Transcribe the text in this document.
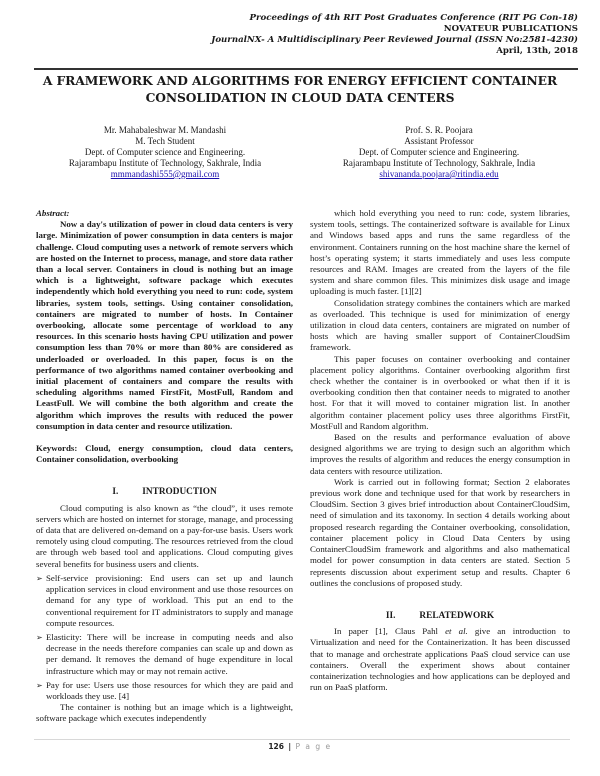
Proceedings of 4th RIT Post Graduates Conference (RIT PG Con-18)
NOVATEUR PUBLICATIONS
JournalNX- A Multidisciplinary Peer Reviewed Journal (ISSN No:2581-4230)
April, 13th, 2018
A FRAMEWORK AND ALGORITHMS FOR ENERGY EFFICIENT CONTAINER
CONSOLIDATION IN CLOUD DATA CENTERS
Mr. Mahabaleshwar M. Mandashi
M. Tech Student
Dept. of Computer science and Engineering.
Rajarambapu Institute of Technology, Sakhrale, India
mmmandashi555@gmail.com
Prof. S. R. Poojara
Assistant Professor
Dept. of Computer science and Engineering.
Rajarambapu Institute of Technology, Sakhrale, India
shivananda.poojara@ritindia.edu

Abstract:

Now a day's utilization of power in cloud data centers is very large. Minimization of power consumption in data centers is major challenge. Cloud computing uses a network of remote servers which are hosted on the Internet to process, manage, and store data rather than a local server. Containers in cloud is nothing but an image which is a lightweight, software package which executes independently which hold everything you need to run: code, system libraries, system tools, settings. Using container consolidation, containers are migrated to number of hosts. In Container overbooking, allocate some percentage of workload to any resources. In this scenario hosts having CPU utilization and power consumption less than 70% or more than 80% are considered as underloaded or overloaded. In this paper, focus is on the performance of two algorithms named container overbooking and initial placement of containers and compare the results with scheduling algorithms named FirstFit, MostFull, Random and LeastFull. We will combine the both algorithm and create the algorithm which improves the results with reduced the power consumption in data center and resource utilization.

Keywords: Cloud, energy consumption, cloud data centers, Container consolidation, overbooking

I.	INTRODUCTION

Cloud computing is also known as “the cloud”, it uses remote servers which are hosted on internet for storage, manage, and processing of data that are delivered on-demand on a pay-for-use basis. Users work remotely using cloud computing. The resources retrieved from the cloud are through web based tool and applications. Cloud computing gives several benefits for business users and clients.

➢ Self-service provisioning: End users can set up and launch application services in cloud environment and use those resources on demand for any type of workload. This put an end to the conventional requirement for IT administrators to supply and manage compute resources.

➢ Elasticity: There will be increase in computing needs and also decrease in the needs therefore companies can scale up and down as per demand. It removes the demand of huge expenditure in local infrastructure which may or may not remain active.

➢ Pay for use: Users use those resources for which they are paid and workloads they use. [4]

The container is nothing but an image which is a lightweight, software package which executes independently

which hold everything you need to run: code, system libraries, system tools, settings. The containerized software is available for Linux and Windows based apps and runs the same regardless of the environment. Containers running on the host machine share the kernel of host’s operating system; it starts immediately and uses less compute resources and RAM. Images are created from the layers of the file system and share common files. This minimizes disk usage and image uploading is much faster. [1][2]

Consolidation strategy combines the containers which are marked as overloaded. This technique is used for minimization of energy utilization in cloud data centers, containers are migrated on number of hosts which are having smaller support of ContainerCloudSim framework.

This paper focuses on container overbooking and container placement policy algorithms. Container overbooking algorithm first check whether the container is in overbooked or what then if it is overbooking condition then that container needs to migrated to another host. For that it will moved to container migration list. In another algorithm container placement policy uses three algorithms FirstFit, MostFull and Random algorithm.

Based on the results and performance evaluation of above designed algorithms we are trying to design such an algorithm which improves the results of algorithm and reduces the energy consumption in data centers with resource utilization.

Work is carried out in following format; Section 2 elaborates previous work done and technique used for that work by researchers in CloudSim. Section 3 gives brief introduction about ContainerCloudSim, need of simulation and its taxonomy. In section 4 details working about proposed research regarding the Container overbooking, consolidation, container placement policy in Cloud Data Centers by using ContainerCloudSim framework and algorithms and also mathematical model for power consumption in data centers are stated. Section 5 represents discussion about experiment setup and results. Chapter 6 outlines the conclusions of proposed study.

II.	RELATEDWORK

In paper [1], Claus Pahl et al. give an introduction to Virtualization and need for the Containerization. It has been discussed that to manage and orchestrate applications PaaS cloud service can use containers. Overall the experiment shows about container containerization technologies and how applications can be deployed and run on PaaS platform.

126 | P a g e
